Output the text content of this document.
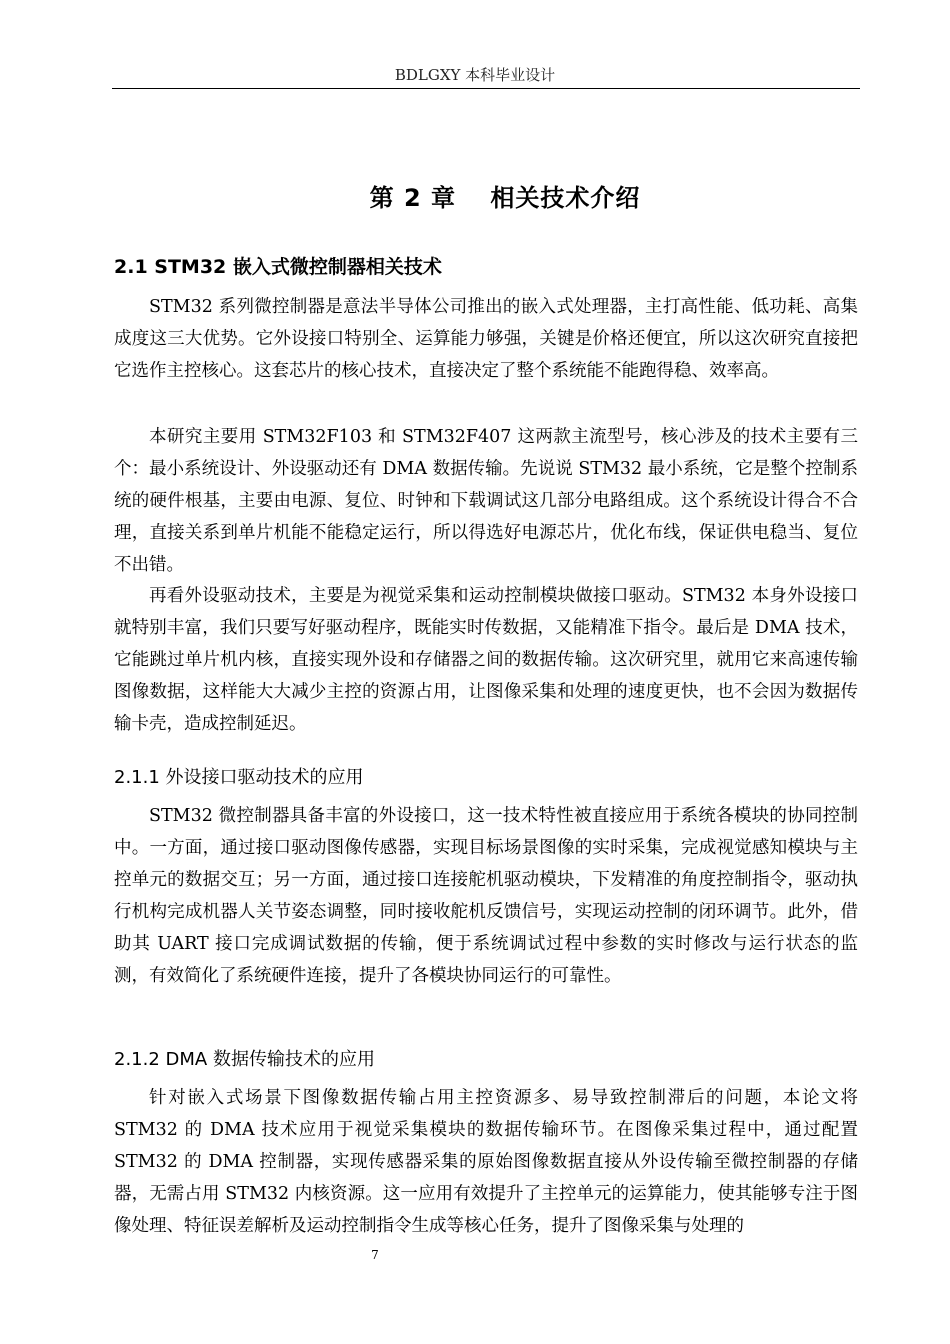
BDLGXY 本科毕业设计
第 2 章　 相关技术介绍
2.1 STM32 嵌入式微控制器相关技术

STM32 系列微控制器是意法半导体公司推出的嵌入式处理器，主打高性能、低功耗、高集成度这三大优势。它外设接口特别全、运算能力够强，关键是价格还便宜，所以这次研究直接把它选作主控核心。这套芯片的核心技术，直接决定了整个系统能不能跑得稳、效率高。

本研究主要用 STM32F103 和 STM32F407 这两款主流型号，核心涉及的技术主要有三个：最小系统设计、外设驱动还有 DMA 数据传输。先说说 STM32 最小系统，它是整个控制系统的硬件根基，主要由电源、复位、时钟和下载调试这几部分电路组成。这个系统设计得合不合理，直接关系到单片机能不能稳定运行，所以得选好电源芯片，优化布线，保证供电稳当、复位不出错。

再看外设驱动技术，主要是为视觉采集和运动控制模块做接口驱动。STM32 本身外设接口就特别丰富，我们只要写好驱动程序，既能实时传数据，又能精准下指令。最后是 DMA 技术，它能跳过单片机内核，直接实现外设和存储器之间的数据传输。这次研究里，就用它来高速传输图像数据，这样能大大减少主控的资源占用，让图像采集和处理的速度更快，也不会因为数据传输卡壳，造成控制延迟。

2.1.1 外设接口驱动技术的应用

STM32 微控制器具备丰富的外设接口，这一技术特性被直接应用于系统各模块的协同控制中。一方面，通过接口驱动图像传感器，实现目标场景图像的实时采集，完成视觉感知模块与主控单元的数据交互；另一方面，通过接口连接舵机驱动模块，下发精准的角度控制指令，驱动执行机构完成机器人关节姿态调整，同时接收舵机反馈信号，实现运动控制的闭环调节。此外，借助其 UART 接口完成调试数据的传输，便于系统调试过程中参数的实时修改与运行状态的监测，有效简化了系统硬件连接，提升了各模块协同运行的可靠性。

2.1.2 DMA 数据传输技术的应用

针对嵌入式场景下图像数据传输占用主控资源多、易导致控制滞后的问题，本论文将 STM32 的 DMA 技术应用于视觉采集模块的数据传输环节。在图像采集过程中，通过配置 STM32 的 DMA 控制器，实现传感器采集的原始图像数据直接从外设传输至微控制器的存储器，无需占用 STM32 内核资源。这一应用有效提升了主控单元的运算能力，使其能够专注于图像处理、特征误差解析及运动控制指令生成等核心任务，提升了图像采集与处理的

7
